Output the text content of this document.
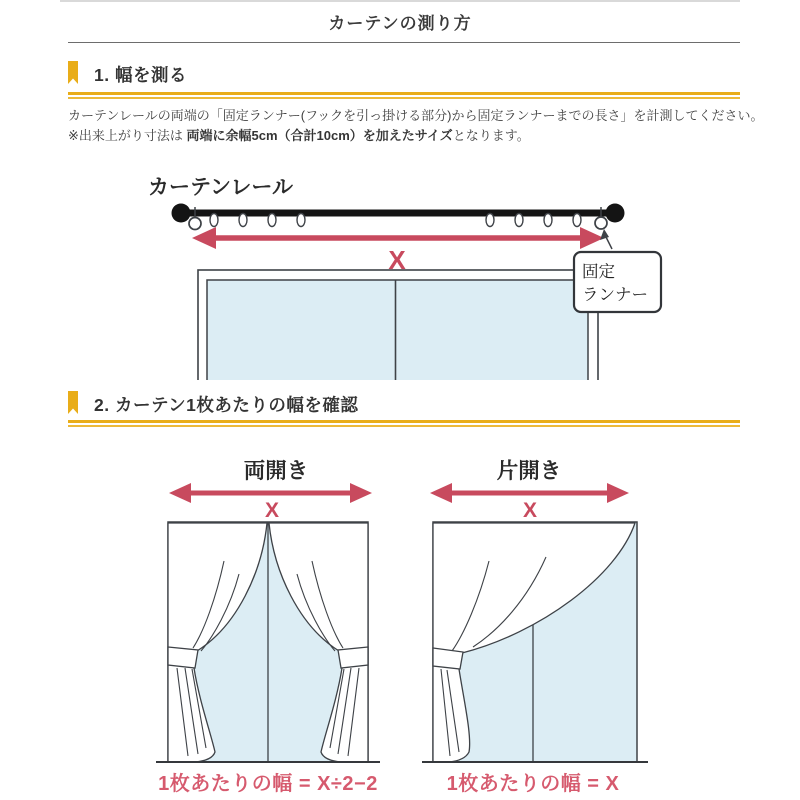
カーテンの測り方
1. 幅を測る
カーテンレールの両端の「固定ランナー(フックを引っ掛ける部分)から固定ランナーまでの長さ」を計測してください。
※出来上がり寸法は 両端に余幅5cm（合計10cm）を加えたサイズとなります。
カーテンレール
X	固定
ランナー
2. カーテン1枚あたりの幅を確認
両開き	片開き
X	X
1枚あたりの幅 = X÷2−2	1枚あたりの幅 = X
